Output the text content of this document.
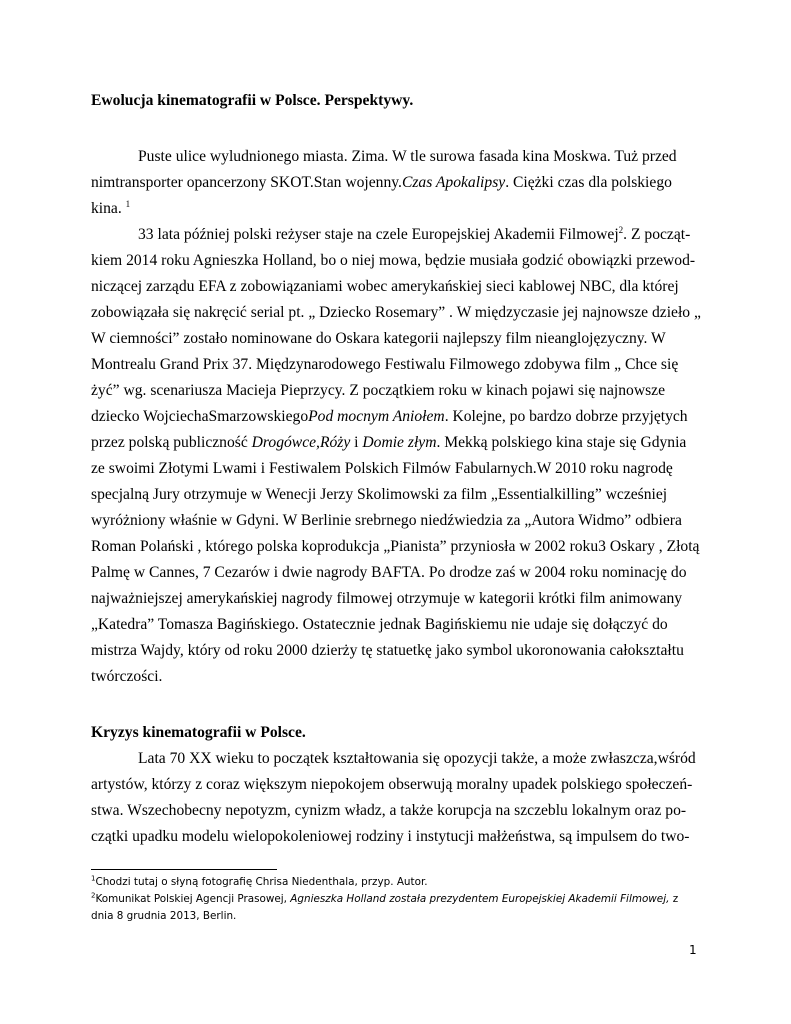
Ewolucja kinematografii w Polsce. Perspektywy.

Puste ulice wyludnionego miasta. Zima. W tle surowa fasada kina Moskwa. Tuż przed

nimtransporter opancerzony SKOT.Stan wojenny.Czas Apokalipsy. Ciężki czas dla polskiego

kina. $^1$

33 lata później polski reżyser staje na czele Europejskiej Akademii Filmowej$^2$. Z począt-

kiem 2014 roku Agnieszka Holland, bo o niej mowa, będzie musiała godzić obowiązki przewod-

niczącej zarządu EFA z zobowiązaniami wobec amerykańskiej sieci kablowej NBC, dla której

zobowiązała się nakręcić serial pt. „ Dziecko Rosemary” . W międzyczasie jej najnowsze dzieło „

W ciemności” zostało nominowane do Oskara kategorii najlepszy film nieanglojęzyczny. W

Montrealu Grand Prix 37. Międzynarodowego Festiwalu Filmowego zdobywa film „ Chce się

żyć” wg. scenariusza Macieja Pieprzycy. Z początkiem roku w kinach pojawi się najnowsze

dziecko WojciechaSmarzowskiegoPod mocnym Aniołem. Kolejne, po bardzo dobrze przyjętych

przez polską publiczność Drogówce,Róży i Domie złym. Mekką polskiego kina staje się Gdynia

ze swoimi Złotymi Lwami i Festiwalem Polskich Filmów Fabularnych.W 2010 roku nagrodę

specjalną Jury otrzymuje w Wenecji Jerzy Skolimowski za film „Essentialkilling” wcześniej

wyróżniony właśnie w Gdyni. W Berlinie srebrnego niedźwiedzia za „Autora Widmo” odbiera

Roman Polański , którego polska koprodukcja „Pianista” przyniosła w 2002 roku3 Oskary , Złotą

Palmę w Cannes, 7 Cezarów i dwie nagrody BAFTA. Po drodze zaś w 2004 roku nominację do

najważniejszej amerykańskiej nagrody filmowej otrzymuje w kategorii krótki film animowany

„Katedra” Tomasza Bagińskiego. Ostatecznie jednak Bagińskiemu nie udaje się dołączyć do

mistrza Wajdy, który od roku 2000 dzierży tę statuetkę jako symbol ukoronowania całokształtu

twórczości.

Kryzys kinematografii w Polsce.

Lata 70 XX wieku to początek kształtowania się opozycji także, a może zwłaszcza,wśród

artystów, którzy z coraz większym niepokojem obserwują moralny upadek polskiego społeczeń-

stwa. Wszechobecny nepotyzm, cynizm władz, a także korupcja na szczeblu lokalnym oraz po-

czątki upadku modelu wielopokoleniowej rodziny i instytucji małżeństwa, są impulsem do two-

$^1$Chodzi tutaj o słyną fotografię Chrisa Niedenthala, przyp. Autor.

$^2$Komunikat Polskiej Agencji Prasowej, Agnieszka Holland została prezydentem Europejskiej Akademii Filmowej, z

dnia 8 grudnia 2013, Berlin.

1
